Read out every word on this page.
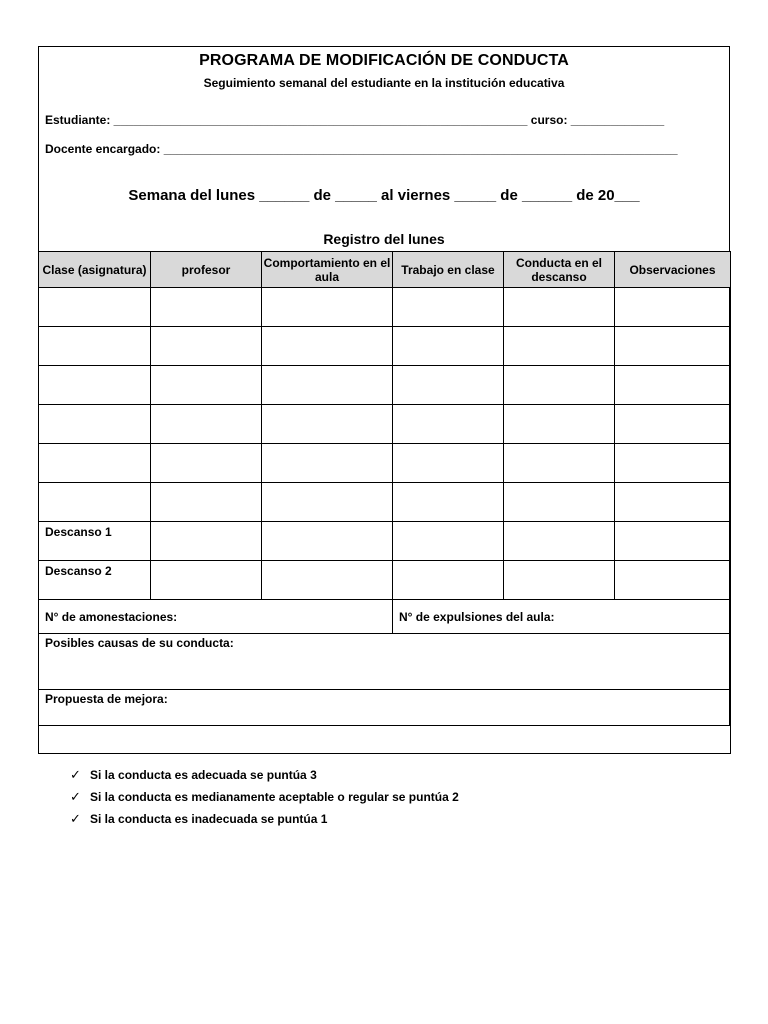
PROGRAMA DE MODIFICACIÓN DE CONDUCTA
Seguimiento semanal del estudiante en la institución educativa
Estudiante: ______________________________________________________________ curso: ______________
Docente encargado: _____________________________________________________________________________
Semana del lunes ______ de _____ al viernes _____ de ______ de 20___
Registro del lunes
Clase (asignatura)	profesor	Comportamiento en el aula	Trabajo en clase	Conducta en el descanso	Observaciones

Descanso 1					
Descanso 2					
N° de amonestaciones:			N° de expulsiones del aula:		
Posibles causas de su conducta:					
Propuesta de mejora:					
✓ Si la conducta es adecuada se puntúa 3
✓ Si la conducta es medianamente aceptable o regular se puntúa 2
✓ Si la conducta es inadecuada se puntúa 1
